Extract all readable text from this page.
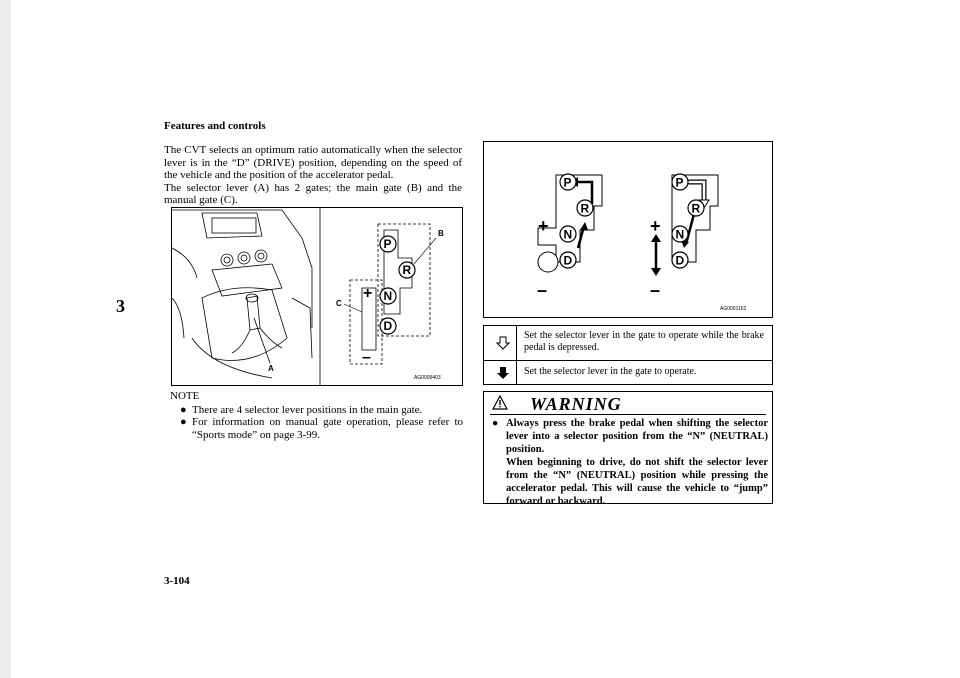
3
Features and controls

The CVT selects an optimum ratio automatically when the selector lever is in the “D” (DRIVE) position, depending on the speed of the vehicle and the position of the accelerator pedal.

The selector lever (A) has 2 gates; the main gate (B) and the manual gate (C).

A
P
R
N
D
+
–
B
C
AG0009403
NOTE
● There are 4 selector lever positions in the main gate.
● For information on manual gate operation, please refer to “Sports mode” on page 3-99.
P
R
N
D
+
–
P
R
N
D
+
–
AG0001162
Set the selector lever in the gate to operate while the brake pedal is depressed.
Set the selector lever in the gate to operate.
WARNING
● Always press the brake pedal when shifting the selector lever into a selector position from the “N” (NEUTRAL) position.

When beginning to drive, do not shift the selector lever from the “N” (NEUTRAL) position while pressing the accelerator pedal. This will cause the vehicle to “jump” forward or backward.

3-104
